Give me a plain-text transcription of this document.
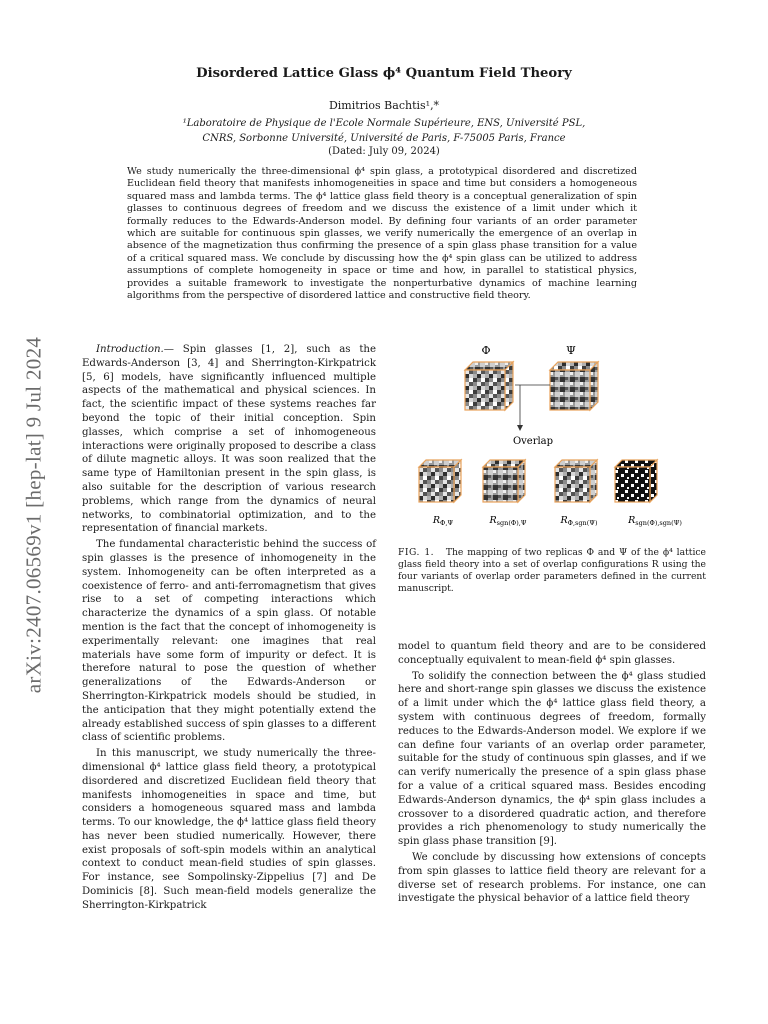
arXiv:2407.06569v1 [hep-lat] 9 Jul 2024
Disordered Lattice Glass ϕ⁴ Quantum Field Theory
Dimitrios Bachtis¹,*
¹Laboratoire de Physique de l'Ecole Normale Supérieure, ENS, Université PSL,
CNRS, Sorbonne Université, Université de Paris, F-75005 Paris, France
(Dated: July 09, 2024)
We study numerically the three-dimensional ϕ⁴ spin glass, a prototypical disordered and discretized Euclidean field theory that manifests inhomogeneities in space and time but considers a homogeneous squared mass and lambda terms. The ϕ⁴ lattice glass field theory is a conceptual generalization of spin glasses to continuous degrees of freedom and we discuss the existence of a limit under which it formally reduces to the Edwards-Anderson model. By defining four variants of an order parameter which are suitable for continuous spin glasses, we verify numerically the emergence of an overlap in absence of the magnetization thus confirming the presence of a spin glass phase transition for a value of a critical squared mass. We conclude by discussing how the ϕ⁴ spin glass can be utilized to address assumptions of complete homogeneity in space or time and how, in parallel to statistical physics, provides a suitable framework to investigate the nonperturbative dynamics of machine learning algorithms from the perspective of disordered lattice and constructive field theory.

Introduction.— Spin glasses [1, 2], such as the Edwards-Anderson [3, 4] and Sherrington-Kirkpatrick [5, 6] models, have significantly influenced multiple aspects of the mathematical and physical sciences. In fact, the scientific impact of these systems reaches far beyond the topic of their initial conception. Spin glasses, which comprise a set of inhomogeneous interactions were originally proposed to describe a class of dilute magnetic alloys. It was soon realized that the same type of Hamiltonian present in the spin glass, is also suitable for the description of various research problems, which range from the dynamics of neural networks, to combinatorial optimization, and to the representation of financial markets.

The fundamental characteristic behind the success of spin glasses is the presence of inhomogeneity in the system. Inhomogeneity can be often interpreted as a coexistence of ferro- and anti-ferromagnetism that gives rise to a set of competing interactions which characterize the dynamics of a spin glass. Of notable mention is the fact that the concept of inhomogeneity is experimentally relevant: one imagines that real materials have some form of impurity or defect. It is therefore natural to pose the question of whether generalizations of the Edwards-Anderson or Sherrington-Kirkpatrick models should be studied, in the anticipation that they might potentially extend the already established success of spin glasses to a different class of scientific problems.

In this manuscript, we study numerically the three-dimensional ϕ⁴ lattice glass field theory, a prototypical disordered and discretized Euclidean field theory that manifests inhomogeneities in space and time, but considers a homogeneous squared mass and lambda terms. To our knowledge, the ϕ⁴ lattice glass field theory has never been studied numerically. However, there exist proposals of soft-spin models within an analytical context to conduct mean-field studies of spin glasses. For instance, see Sompolinsky-Zippelius [7] and De Dominicis [8]. Such mean-field models generalize the Sherrington-Kirkpatrick

Φ	Ψ
Overlap
$R_{\Phi,\Psi}$	$R_{sgn(\Phi),\Psi}$	$R_{\Phi,sgn(\Psi)}$	$R_{sgn(\Phi),sgn(\Psi)}$
FIG. 1. The mapping of two replicas Φ and Ψ of the ϕ⁴ lattice glass field theory into a set of overlap configurations R using the four variants of overlap order parameters defined in the current manuscript.

model to quantum field theory and are to be considered conceptually equivalent to mean-field ϕ⁴ spin glasses.

To solidify the connection between the ϕ⁴ glass studied here and short-range spin glasses we discuss the existence of a limit under which the ϕ⁴ lattice glass field theory, a system with continuous degrees of freedom, formally reduces to the Edwards-Anderson model. We explore if we can define four variants of an overlap order parameter, suitable for the study of continuous spin glasses, and if we can verify numerically the presence of a spin glass phase for a value of a critical squared mass. Besides encoding Edwards-Anderson dynamics, the ϕ⁴ spin glass includes a crossover to a disordered quadratic action, and therefore provides a rich phenomenology to study numerically the spin glass phase transition [9].

We conclude by discussing how extensions of concepts from spin glasses to lattice field theory are relevant for a diverse set of research problems. For instance, one can investigate the physical behavior of a lattice field theory
